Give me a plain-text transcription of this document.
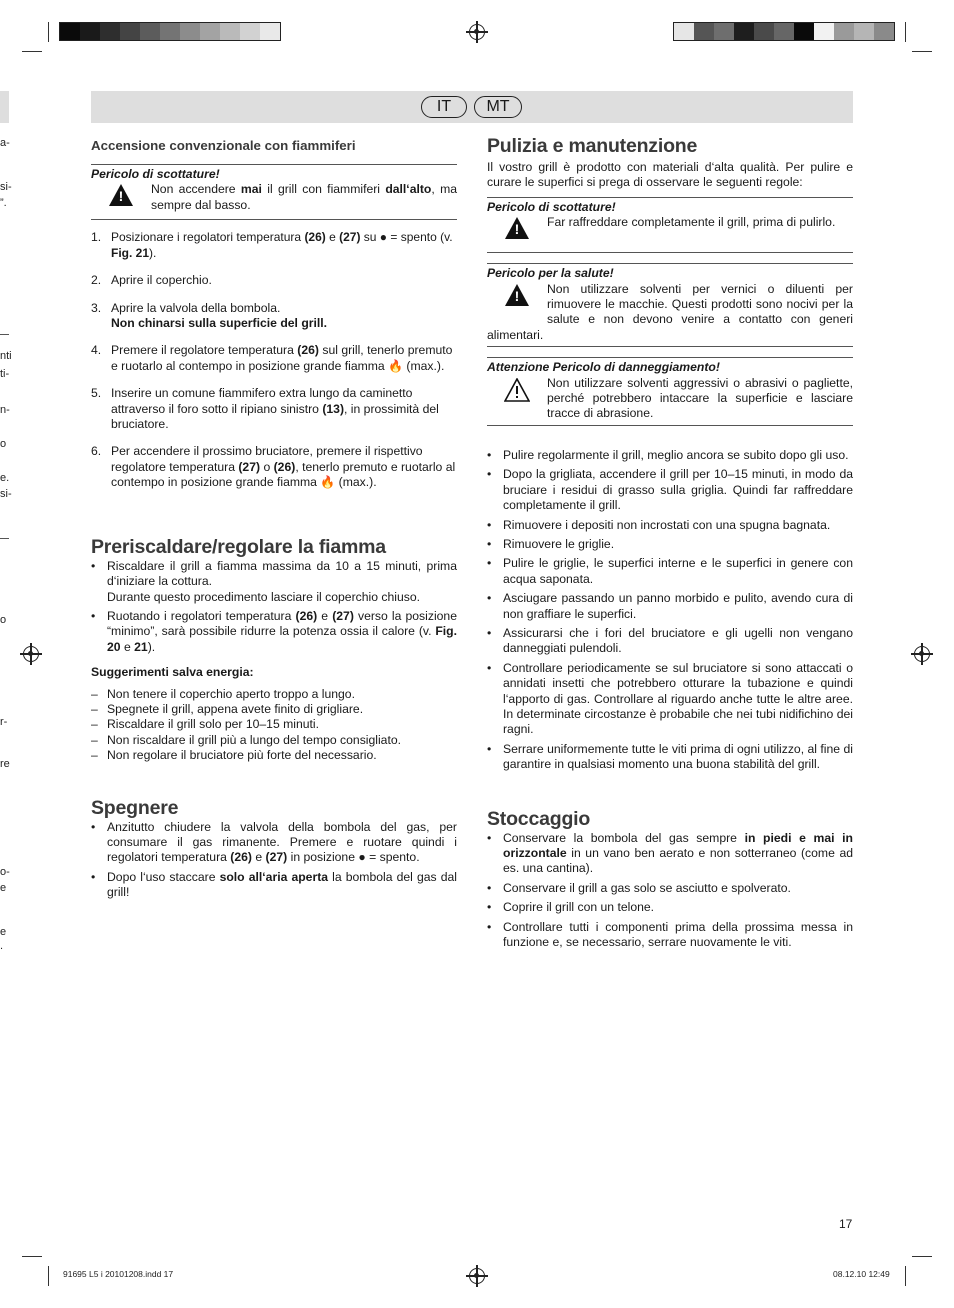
a-
si-
”.
nti
ti-
n-
o
e.
si-
o
r-
re
o-
e
e
.
IT	MT
Accensione convenzionale con fiammiferi
Pericolo di scottature!
!	Non accendere mai il grill con fiammiferi dall‘alto, ma sempre dal basso.
1. Posizionare i regolatori temperatura (26) e (27) su ● = spento (v. Fig. 21).
2. Aprire il coperchio.
3. Aprire la valvola della bombola.
Non chinarsi sulla superficie del grill.
4. Premere il regolatore temperatura (26) sul grill, tenerlo premuto e ruotarlo al contempo in posizione grande fiamma 🔥 (max.).
5. Inserire un comune fiammifero extra lungo da caminetto attraverso il foro sotto il ripiano sinistro (13), in prossimità del bruciatore.
6. Per accendere il prossimo bruciatore, premere il rispettivo regolatore temperatura (27) o (26), tenerlo premuto e ruotarlo al contempo in posizione grande fiamma 🔥 (max.).
Preriscaldare/regolare la fiamma
• Riscaldare il grill a fiamma massima da 10 a 15 minuti, prima d‘iniziare la cottura.
Durante questo procedimento lasciare il coperchio chiuso.
• Ruotando i regolatori temperatura (26) e (27) verso la posizione “minimo”, sarà possibile ridurre la potenza ossia il calore (v. Fig. 20 e 21).
Suggerimenti salva energia:
– Non tenere il coperchio aperto troppo a lungo.
– Spegnete il grill, appena avete finito di grigliare.
– Riscaldare il grill solo per 10–15 minuti.
– Non riscaldare il grill più a lungo del tempo consigliato.
– Non regolare il bruciatore più forte del necessario.
Spegnere
• Anzitutto chiudere la valvola della bombola del gas, per consumare il gas rimanente. Premere e ruotare quindi i regolatori temperatura (26) e (27) in posizione ● = spento.
• Dopo l‘uso staccare solo all‘aria aperta la bombola del gas dal grill!
Pulizia e manutenzione
Il vostro grill è prodotto con materiali d‘alta qualità. Per pulire e curare le superfici si prega di osservare le seguenti regole:
Pericolo di scottature!
!	Far raffreddare completamente il grill, prima di pulirlo.
Pericolo per la salute!
!	Non utilizzare solventi per vernici o diluenti per rimuovere le macchie. Questi prodotti sono nocivi per la salute e non devono venire a contatto con generi alimentari.
Attenzione Pericolo di danneggiamento!
Non utilizzare solventi aggressivi o abrasivi o pagliette, perché potrebbero intaccare la superficie e lasciare tracce di abrasione.
• Pulire regolarmente il grill, meglio ancora se subito dopo gli uso.
• Dopo la grigliata, accendere il grill per 10–15 minuti, in modo da bruciare i residui di grasso sulla griglia. Quindi far raffreddare completamente il grill.
• Rimuovere i depositi non incrostati con una spugna bagnata.
• Rimuovere le griglie.
• Pulire le griglie, le superfici interne e le superfici in genere con acqua saponata.
• Asciugare passando un panno morbido e pulito, avendo cura di non graffiare le superfici.
• Assicurarsi che i fori del bruciatore e gli ugelli non vengano danneggiati pulendoli.
• Controllare periodicamente se sul bruciatore si sono attaccati o annidati insetti che potrebbero otturare la tubazione e quindi l‘apporto di gas. Controllare al riguardo anche tutte le altre aree. In determinate circostanze è probabile che nei tubi nidifichino dei ragni.
• Serrare uniformemente tutte le viti prima di ogni utilizzo, al fine di garantire in qualsiasi momento una buona stabilità del grill.
Stoccaggio
• Conservare la bombola del gas sempre in piedi e mai in orizzontale in un vano ben aerato e non sotterraneo (come ad es. una cantina).
• Conservare il grill a gas solo se asciutto e spolverato.
• Coprire il grill con un telone.
• Controllare tutti i componenti prima della prossima messa in funzione e, se necessario, serrare nuovamente le viti.
17
91695 L5 i 20101208.indd 17	08.12.10 12:49
